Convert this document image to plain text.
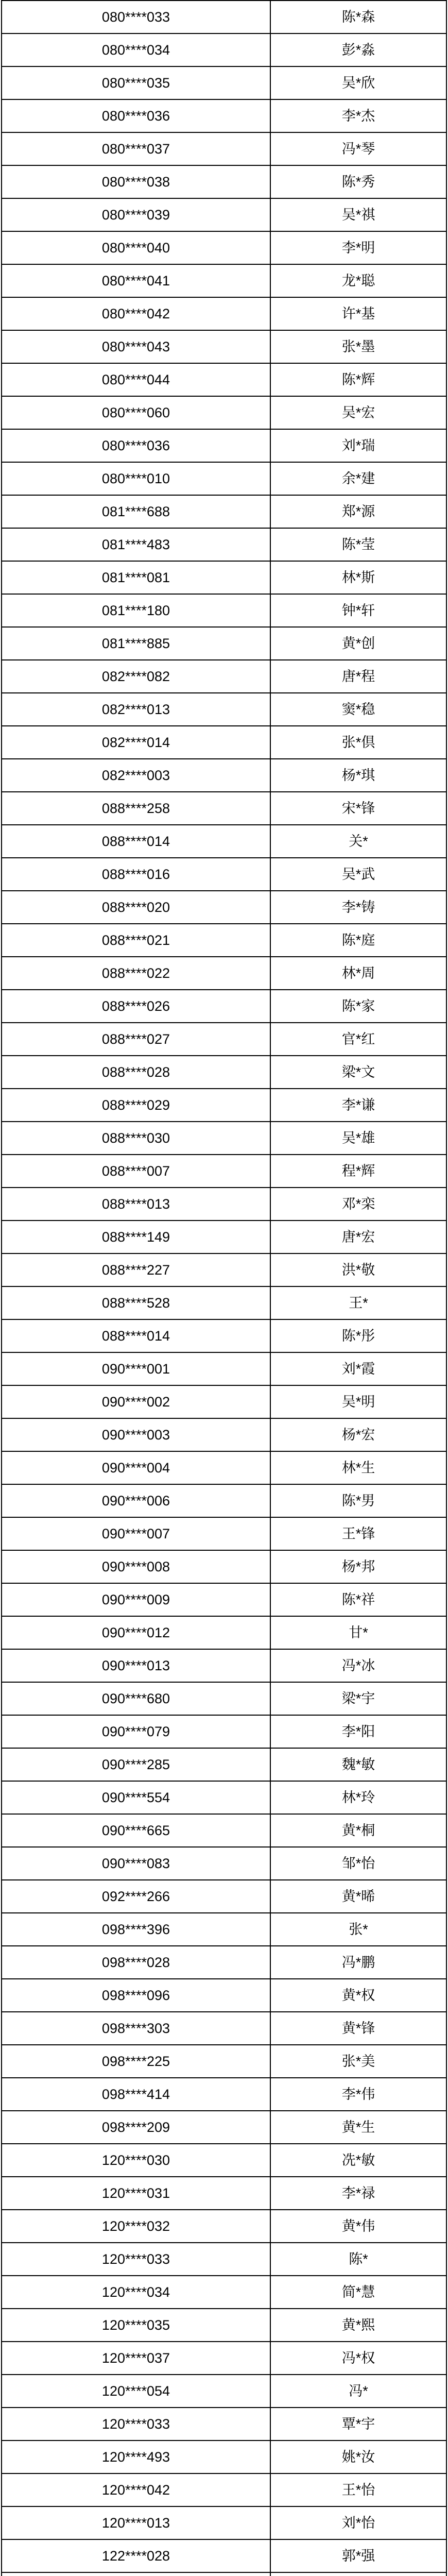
080****033	陈*森
080****034	彭*淼
080****035	吴*欣
080****036	李*杰
080****037	冯*琴
080****038	陈*秀
080****039	吴*祺
080****040	李*明
080****041	龙*聪
080****042	许*基
080****043	张*墨
080****044	陈*辉
080****060	吴*宏
080****036	刘*瑞
080****010	余*建
081****688	郑*源
081****483	陈*莹
081****081	林*斯
081****180	钟*轩
081****885	黄*创
082****082	唐*程
082****013	窦*稳
082****014	张*倶
082****003	杨*琪
088****258	宋*锋
088****014	关*
088****016	吴*武
088****020	李*铸
088****021	陈*庭
088****022	林*周
088****026	陈*家
088****027	官*红
088****028	梁*文
088****029	李*谦
088****030	吴*雄
088****007	程*辉
088****013	邓*栾
088****149	唐*宏
088****227	洪*敬
088****528	王*
088****014	陈*彤
090****001	刘*霞
090****002	吴*明
090****003	杨*宏
090****004	林*生
090****006	陈*男
090****007	王*锋
090****008	杨*邦
090****009	陈*祥
090****012	甘*
090****013	冯*冰
090****680	梁*宇
090****079	李*阳
090****285	魏*敏
090****554	林*玲
090****665	黄*桐
090****083	邹*怡
092****266	黄*晞
098****396	张*
098****028	冯*鹏
098****096	黄*权
098****303	黄*锋
098****225	张*美
098****414	李*伟
098****209	黄*生
120****030	冼*敏
120****031	李*禄
120****032	黄*伟
120****033	陈*
120****034	简*慧
120****035	黄*熙
120****037	冯*权
120****054	冯*
120****033	覃*宇
120****493	姚*汝
120****042	王*怡
120****013	刘*怡
122****028	郭*强
